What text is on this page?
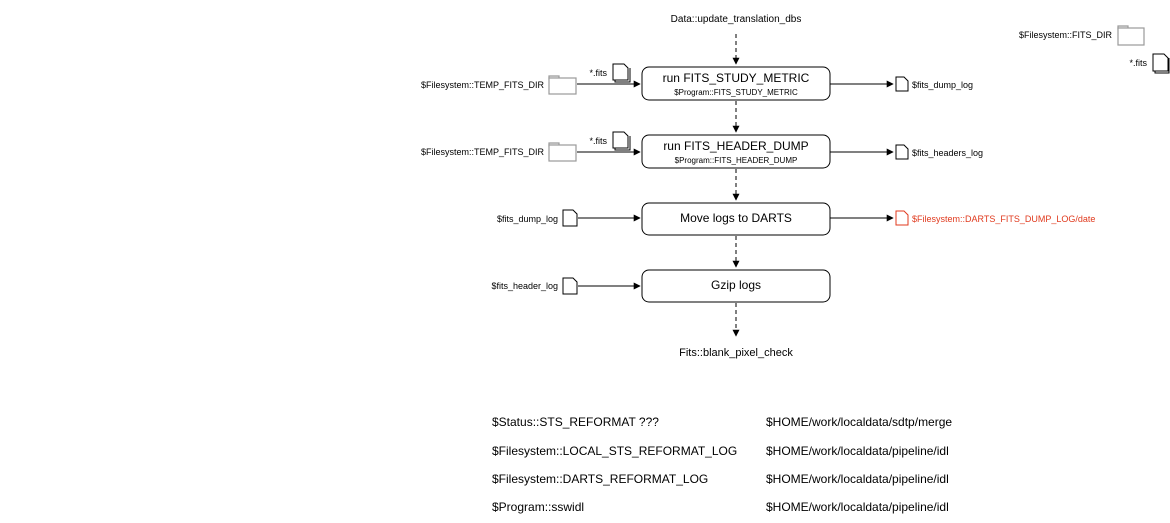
Data::update_translation_dbs
$Filesystem::FITS_DIR
*.fits
run FITS_STUDY_METRIC
$Program::FITS_STUDY_METRIC
$Filesystem::TEMP_FITS_DIR
*.fits
$fits_dump_log
run FITS_HEADER_DUMP
$Program::FITS_HEADER_DUMP
$Filesystem::TEMP_FITS_DIR
*.fits
$fits_headers_log
Move logs to DARTS
$fits_dump_log	$Filesystem::DARTS_FITS_DUMP_LOG/date
Gzip logs
$fits_header_log
Fits::blank_pixel_check
$Status::STS_REFORMAT ???	$HOME/work/localdata/sdtp/merge
$Filesystem::LOCAL_STS_REFORMAT_LOG $HOME/work/localdata/pipeline/idl
$Filesystem::DARTS_REFORMAT_LOG	$HOME/work/localdata/pipeline/idl
$Program::sswidl	$HOME/work/localdata/pipeline/idl
